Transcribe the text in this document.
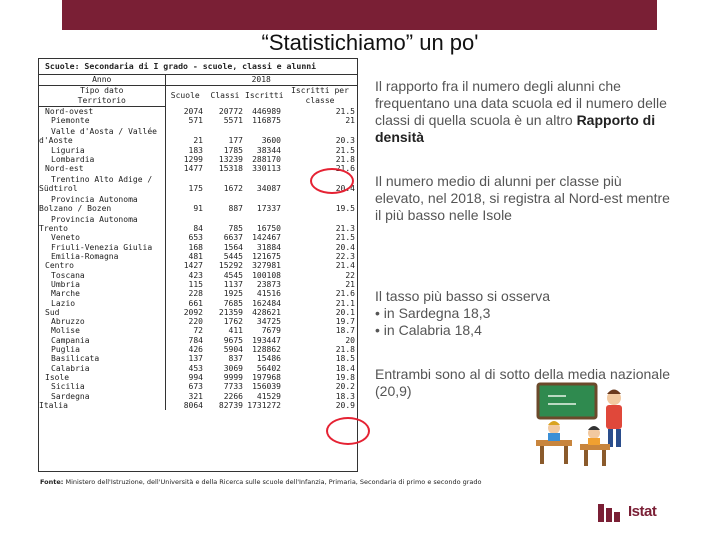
“Statistichiamo” un po'
Scuole: Secondaria di I grado - scuole, classi e alunni
Anno	2018			
Tipo dato	Scuole	Classi	Iscritti	Iscritti per
classe
Territorio				
Nord-ovest	2074	20772	446989	21.5
Piemonte	571	5571	116875	21
Valle d'Aosta / Vallée
d'Aoste	21	177	3600	20.3
Liguria	183	1785	38344	21.5
Lombardia	1299	13239	288170	21.8
Nord-est	1477	15318	330113	21.6
Trentino Alto Adige /
Südtirol	175	1672	34087	20.4
Provincia Autonoma
Bolzano / Bozen	91	887	17337	19.5
Provincia Autonoma
Trento	84	785	16750	21.3
Veneto	653	6637	142467	21.5
Friuli-Venezia Giulia	168	1564	31884	20.4
Emilia-Romagna	481	5445	121675	22.3
Centro	1427	15292	327981	21.4
Toscana	423	4545	100108	22
Umbria	115	1137	23873	21
Marche	228	1925	41516	21.6
Lazio	661	7685	162484	21.1
Sud	2092	21359	428621	20.1
Abruzzo	220	1762	34725	19.7
Molise	72	411	7679	18.7
Campania	784	9675	193447	20
Puglia	426	5904	128862	21.8
Basilicata	137	837	15486	18.5
Calabria	453	3069	56402	18.4
Isole	994	9999	197968	19.8
Sicilia	673	7733	156039	20.2
Sardegna	321	2266	41529	18.3
Italia	8064	82739	1731272	20.9
Fonte: Ministero dell'Istruzione, dell'Università e della Ricerca sulle scuole dell'Infanzia, Primaria, Secondaria di primo e secondo grado
Il rapporto fra il numero degli alunni che frequentano una data scuola ed il numero delle classi di quella scuola è un altro Rapporto di densità
Il numero medio di alunni per classe più elevato, nel 2018, si registra al Nord-est mentre il più basso nelle Isole
Il tasso più basso si osserva
• in Sardegna 18,3
• in Calabria 18,4
Entrambi sono al di sotto della media nazionale (20,9)
Istat
